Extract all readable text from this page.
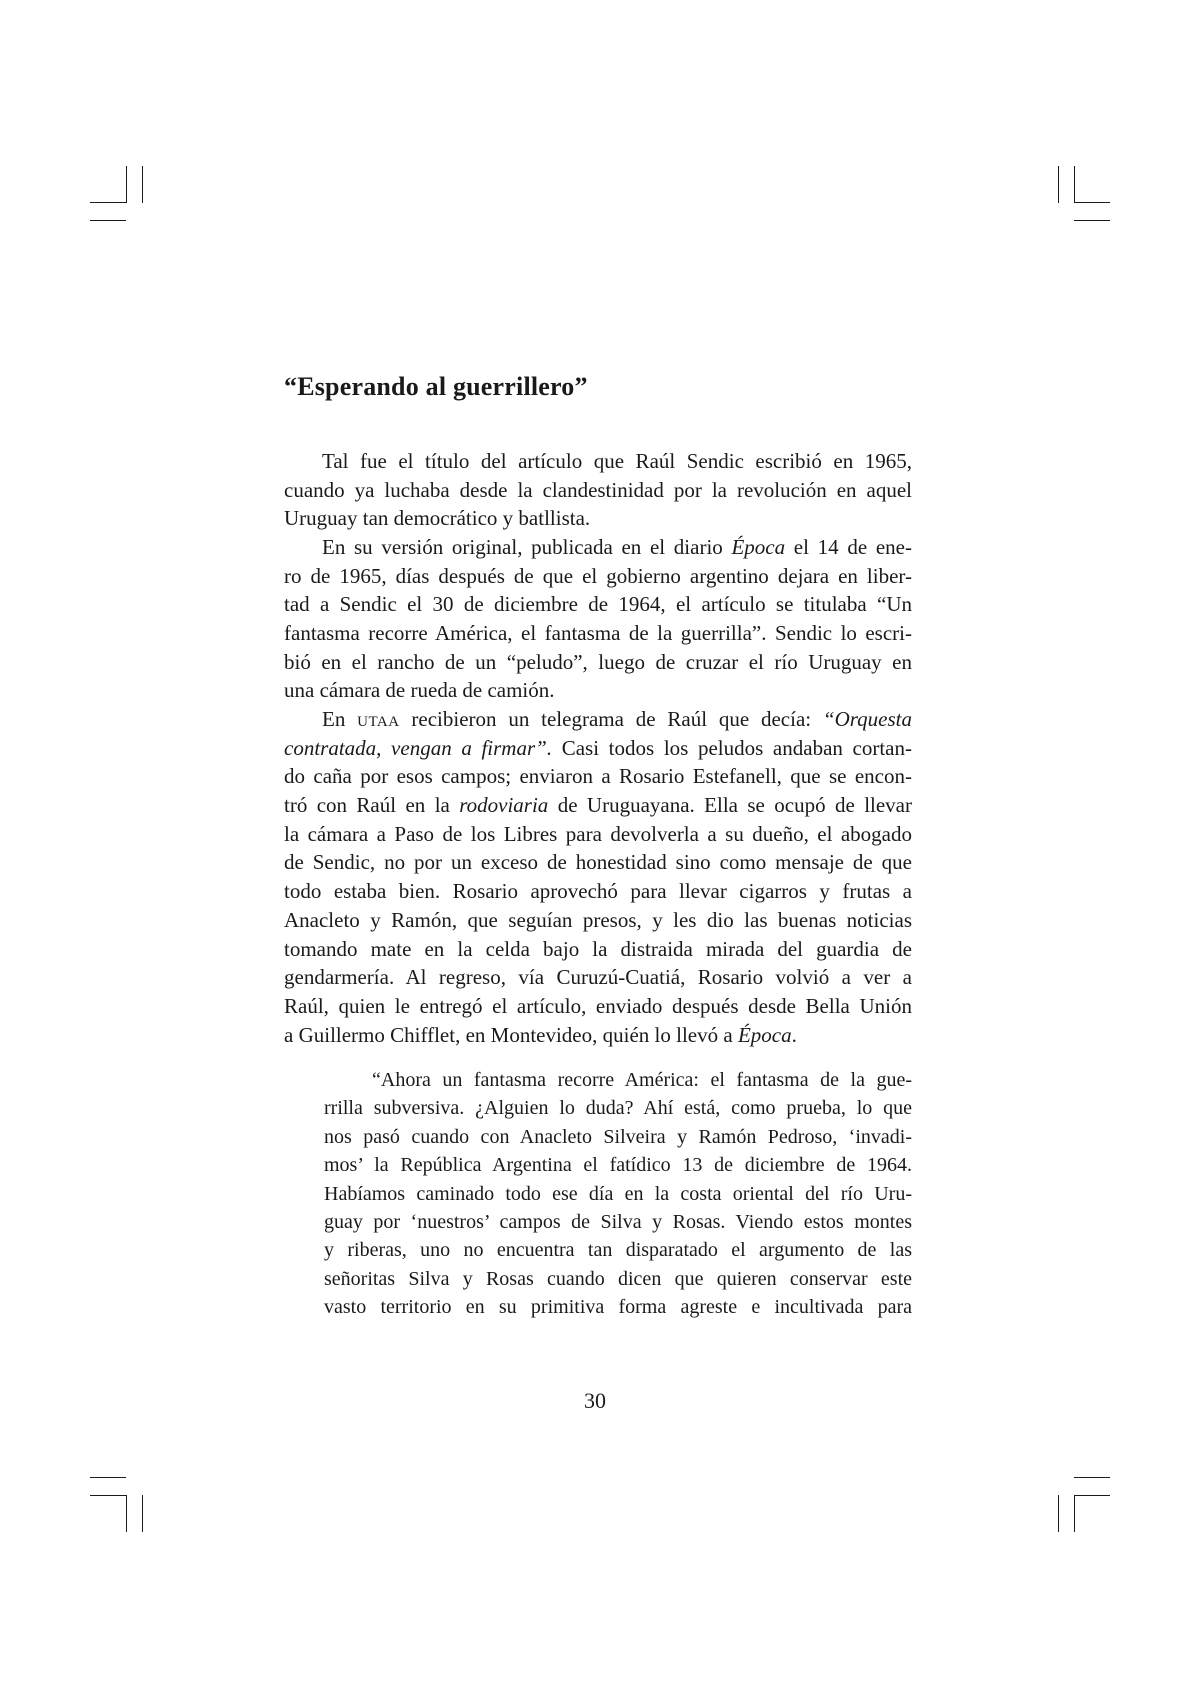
“Esperando al guerrillero”
Tal fue el título del artículo que Raúl Sendic escribió en 1965,
cuando ya luchaba desde la clandestinidad por la revolución en aquel
Uruguay tan democrático y batllista.
En su versión original, publicada en el diario Época el 14 de ene-
ro de 1965, días después de que el gobierno argentino dejara en liber-
tad a Sendic el 30 de diciembre de 1964, el artículo se titulaba “Un
fantasma recorre América, el fantasma de la guerrilla”. Sendic lo escri-
bió en el rancho de un “peludo”, luego de cruzar el río Uruguay en
una cámara de rueda de camión.
En UTAA recibieron un telegrama de Raúl que decía: “Orquesta
contratada, vengan a firmar”. Casi todos los peludos andaban cortan-
do caña por esos campos; enviaron a Rosario Estefanell, que se encon-
tró con Raúl en la rodoviaria de Uruguayana. Ella se ocupó de llevar
la cámara a Paso de los Libres para devolverla a su dueño, el abogado
de Sendic, no por un exceso de honestidad sino como mensaje de que
todo estaba bien. Rosario aprovechó para llevar cigarros y frutas a
Anacleto y Ramón, que seguían presos, y les dio las buenas noticias
tomando mate en la celda bajo la distraida mirada del guardia de
gendarmería. Al regreso, vía Curuzú-Cuatiá, Rosario volvió a ver a
Raúl, quien le entregó el artículo, enviado después desde Bella Unión
a Guillermo Chifflet, en Montevideo, quién lo llevó a Época.
“Ahora un fantasma recorre América: el fantasma de la gue-
rrilla subversiva. ¿Alguien lo duda? Ahí está, como prueba, lo que
nos pasó cuando con Anacleto Silveira y Ramón Pedroso, ‘invadi-
mos’ la República Argentina el fatídico 13 de diciembre de 1964.
Habíamos caminado todo ese día en la costa oriental del río Uru-
guay por ‘nuestros’ campos de Silva y Rosas. Viendo estos montes
y riberas, uno no encuentra tan disparatado el argumento de las
señoritas Silva y Rosas cuando dicen que quieren conservar este
vasto territorio en su primitiva forma agreste e incultivada para
30
